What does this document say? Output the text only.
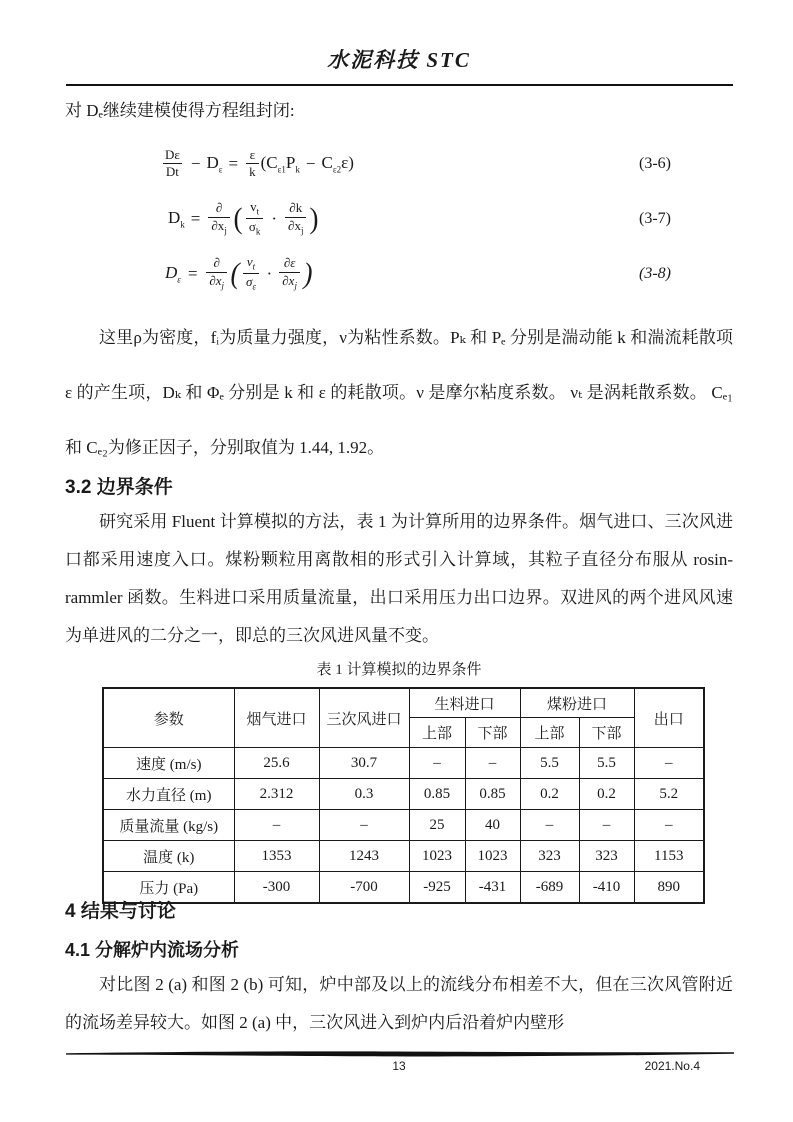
水泥科技 STC
对 Dₑ继续建模使得方程组封闭:
$\frac{D\varepsilon}{Dt} - D_\varepsilon = \frac{\varepsilon}{k} (C_{\varepsilon 1}P_k - C_{\varepsilon 2}\varepsilon)$	(3-6)
$D_k = \frac{\partial}{\partial x_j}$ ( $\frac{v_t}{\sigma_k} \cdot \frac{\partial k}{\partial x_j}$ )	(3-7)
$D_\varepsilon = \frac{\partial}{\partial x_j}$ ( $\frac{\nu_t}{\sigma_\varepsilon} \cdot \frac{\partial\varepsilon}{\partial x_j}$ )	(3-8)
这里ρ为密度，fᵢ为质量力强度，ν为粘性系数。Pₖ 和 Pₑ 分别是湍动能 k 和湍流耗散项 ε 的产生项，Dₖ 和 Φₑ 分别是 k 和 ε 的耗散项。ν 是摩尔粘度系数。 νₜ 是涡耗散系数。 Cₑ₁ 和 Cₑ₂为修正因子，分别取值为 1.44, 1.92。
3.2 边界条件
研究采用 Fluent 计算模拟的方法，表 1 为计算所用的边界条件。烟气进口、三次风进口都采用速度入口。煤粉颗粒用离散相的形式引入计算域，其粒子直径分布服从 rosin-rammler 函数。生料进口采用质量流量，出口采用压力出口边界。双进风的两个进风风速为单进风的二分之一，即总的三次风进风量不变。
表 1 计算模拟的边界条件
参数	烟气进口	三次风进口	生料进口		煤粉进口		出口
			上部	下部	上部	下部	
速度 (m/s)	25.6	30.7	–	–	5.5	5.5	–
水力直径 (m)	2.312	0.3	0.85	0.85	0.2	0.2	5.2
质量流量 (kg/s)	–	–	25	40	–	–	–
温度 (k)	1353	1243	1023	1023	323	323	1153
压力 (Pa)	-300	-700	-925	-431	-689	-410	890
4 结果与讨论
4.1 分解炉内流场分析
对比图 2 (a) 和图 2 (b) 可知，炉中部及以上的流线分布相差不大，但在三次风管附近的流场差异较大。如图 2 (a) 中，三次风进入到炉内后沿着炉内壁形
13	2021.No.4
